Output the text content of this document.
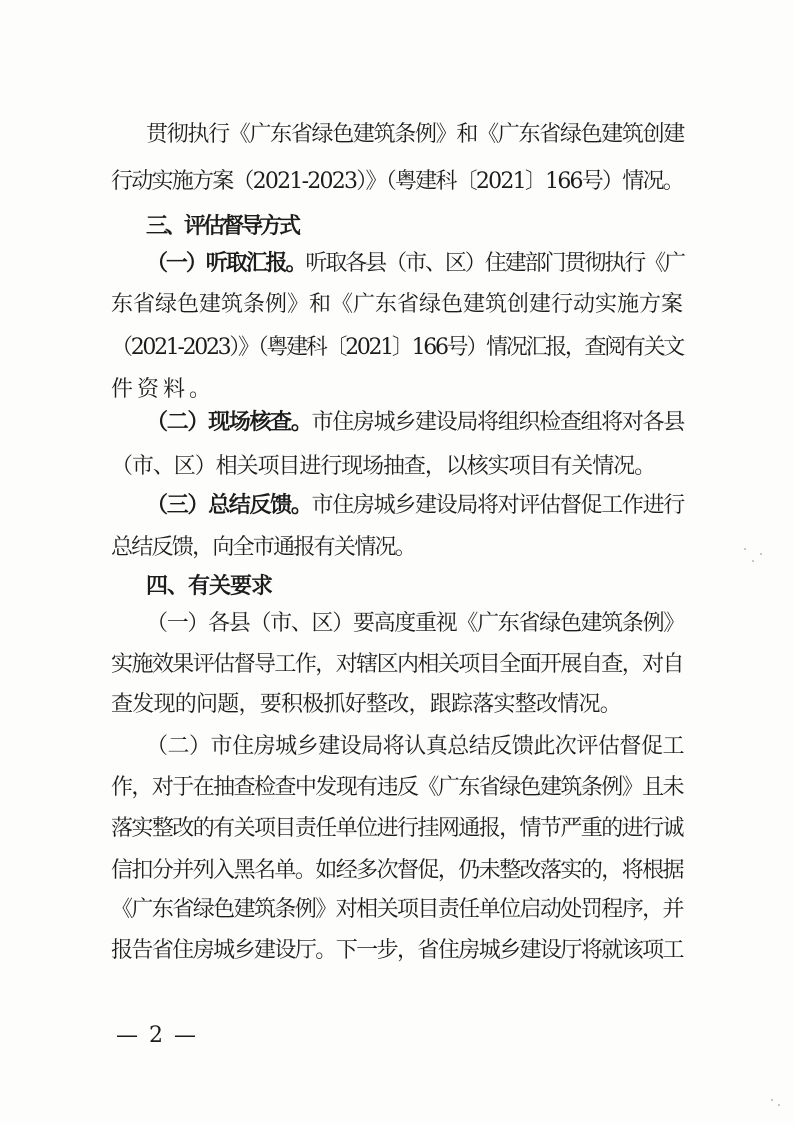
贯彻执行《广东省绿色建筑条例》和《广东省绿色建筑创建
行动实施方案（2021-2023）》（粤建科〔2021〕166号）情况。
三、评估督导方式
（一）听取汇报。 听取各县（市、区）住建部门贯彻执行《广
东省绿色建筑条例》和《广东省绿色建筑创建行动实施方案
（2021-2023）》（粤建科〔2021〕166号）情况汇报，查阅有关文
件资料。
（二）现场核查。 市住房城乡建设局将组织检查组将对各县
（市、区）相关项目进行现场抽查，以核实项目有关情况。
（三）总结反馈。 市住房城乡建设局将对评估督促工作进行
总结反馈，向全市通报有关情况。
四、有关要求
（一）各县（市、区）要高度重视《广东省绿色建筑条例》
实施效果评估督导工作，对辖区内相关项目全面开展自查，对自
查发现的问题，要积极抓好整改，跟踪落实整改情况。
（二）市住房城乡建设局将认真总结反馈此次评估督促工
作，对于在抽查检查中发现有违反《广东省绿色建筑条例》且未
落实整改的有关项目责任单位进行挂网通报，情节严重的进行诚
信扣分并列入黑名单。如经多次督促，仍未整改落实的，将根据
《广东省绿色建筑条例》对相关项目责任单位启动处罚程序，并
报告省住房城乡建设厅。下一步，省住房城乡建设厅将就该项工
— 2 —
